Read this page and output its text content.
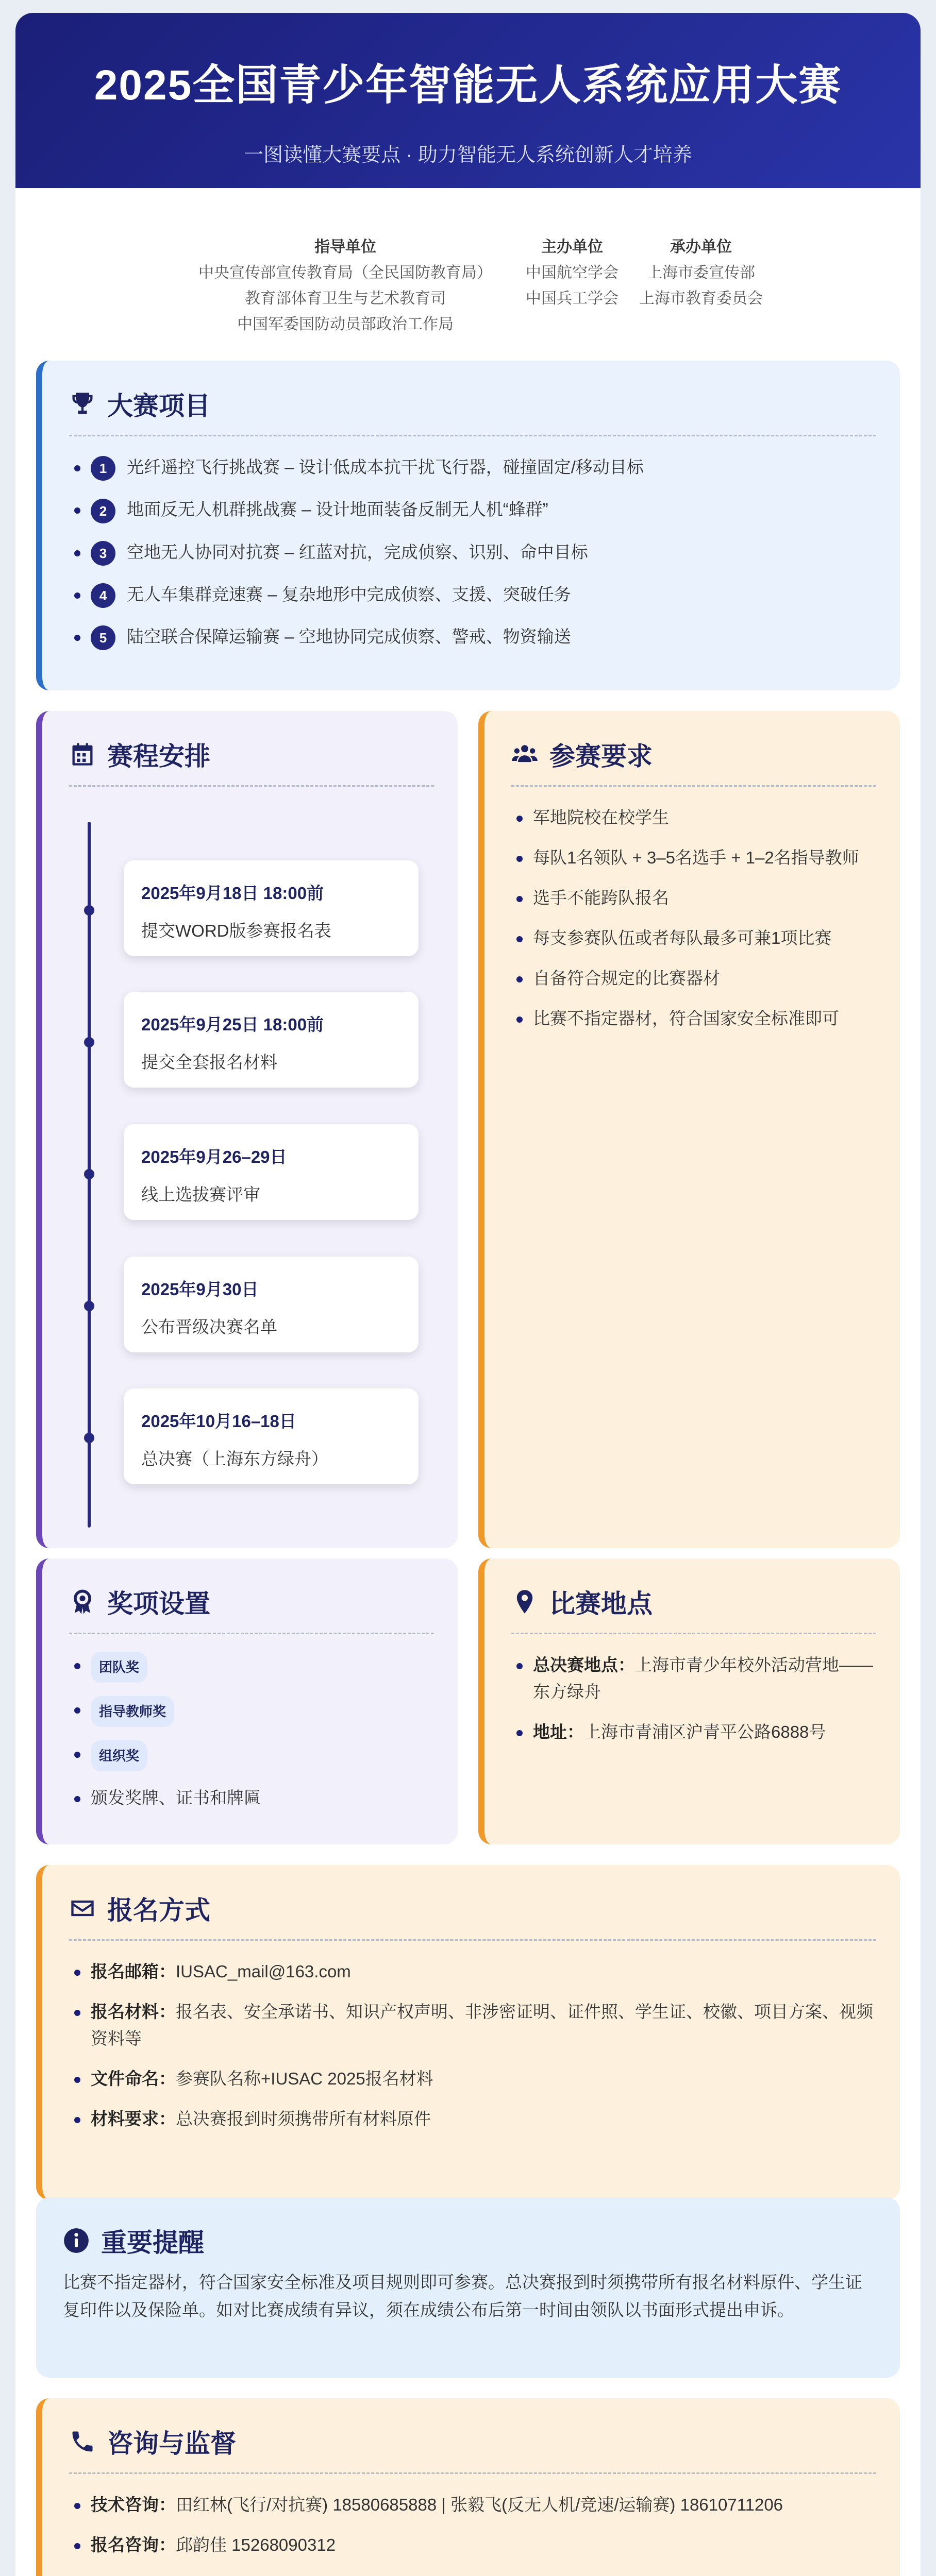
2025全国青少年智能无人系统应用大赛
一图读懂大赛要点 · 助力智能无人系统创新人才培养
指导单位
中央宣传部宣传教育局（全民国防教育局）
教育部体育卫生与艺术教育司
中国军委国防动员部政治工作局
主办单位
中国航空学会
中国兵工学会
承办单位
上海市委宣传部
上海市教育委员会
大赛项目
1 光纤遥控飞行挑战赛 – 设计低成本抗干扰飞行器，碰撞固定/移动目标
2 地面反无人机群挑战赛 – 设计地面装备反制无人机“蜂群”
3 空地无人协同对抗赛 – 红蓝对抗，完成侦察、识别、命中目标
4 无人车集群竞速赛 – 复杂地形中完成侦察、支援、突破任务
5 陆空联合保障运输赛 – 空地协同完成侦察、警戒、物资输送
赛程安排
2025年9月18日 18:00前
提交WORD版参赛报名表
2025年9月25日 18:00前
提交全套报名材料
2025年9月26–29日
线上选拔赛评审
2025年9月30日
公布晋级决赛名单
2025年10月16–18日
总决赛（上海东方绿舟）
参赛要求
军地院校在校学生
每队1名领队 + 3–5名选手 + 1–2名指导教师
选手不能跨队报名
每支参赛队伍或者每队最多可兼1项比赛
自备符合规定的比赛器材
比赛不指定器材，符合国家安全标准即可
奖项设置
团队奖
指导教师奖
组织奖
颁发奖牌、证书和牌匾
比赛地点
总决赛地点：上海市青少年校外活动营地——东方绿舟
地址：上海市青浦区沪青平公路6888号
报名方式
报名邮箱：IUSAC_mail@163.com
报名材料：报名表、安全承诺书、知识产权声明、非涉密证明、证件照、学生证、校徽、项目方案、视频资料等
文件命名：参赛队名称+IUSAC 2025报名材料
材料要求：总决赛报到时须携带所有材料原件
重要提醒

比赛不指定器材，符合国家安全标准及项目规则即可参赛。总决赛报到时须携带所有报名材料原件、学生证复印件以及保险单。如对比赛成绩有异议，须在成绩公布后第一时间由领队以书面形式提出申诉。

咨询与监督
技术咨询：田红林(飞行/对抗赛) 18580685888 | 张毅飞(反无人机/竞速/运输赛) 18610711206
报名咨询：邱韵佳 15268090312
